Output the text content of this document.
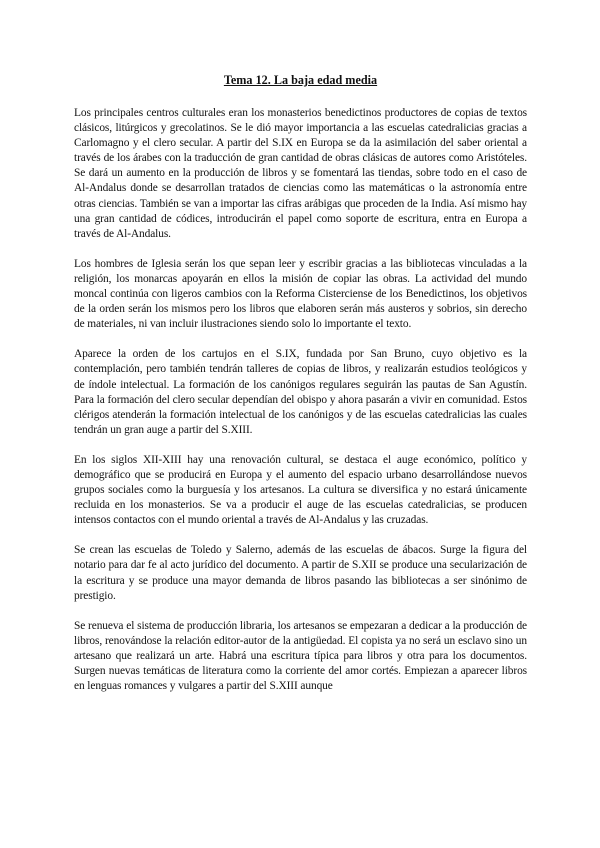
Tema 12. La baja edad media

Los principales centros culturales eran los monasterios benedictinos productores de copias de textos clásicos, litúrgicos y grecolatinos. Se le dió mayor importancia a las escuelas catedralicias gracias a Carlomagno y el clero secular. A partir del S.IX en Europa se da la asimilación del saber oriental a través de los árabes con la traducción de gran cantidad de obras clásicas de autores como Aristóteles. Se dará un aumento en la producción de libros y se fomentará las tiendas, sobre todo en el caso de Al-Andalus donde se desarrollan tratados de ciencias como las matemáticas o la astronomía entre otras ciencias. También se van a importar las cifras arábigas que proceden de la India. Así mismo hay una gran cantidad de códices, introducirán el papel como soporte de escritura, entra en Europa a través de Al-Andalus.

Los hombres de Iglesia serán los que sepan leer y escribir gracias a las bibliotecas vinculadas a la religión, los monarcas apoyarán en ellos la misión de copiar las obras. La actividad del mundo moncal continúa con ligeros cambios con la Reforma Cisterciense de los Benedictinos, los objetivos de la orden serán los mismos pero los libros que elaboren serán más austeros y sobrios, sin derecho de materiales, ni van incluir ilustraciones siendo solo lo importante el texto.

Aparece la orden de los cartujos en el S.IX, fundada por San Bruno, cuyo objetivo es la contemplación, pero también tendrán talleres de copias de libros, y realizarán estudios teológicos y de índole intelectual. La formación de los canónigos regulares seguirán las pautas de San Agustín. Para la formación del clero secular dependían del obispo y ahora pasarán a vivir en comunidad. Estos clérigos atenderán la formación intelectual de los canónigos y de las escuelas catedralicias las cuales tendrán un gran auge a partir del S.XIII.

En los siglos XII-XIII hay una renovación cultural, se destaca el auge económico, político y demográfico que se producirá en Europa y el aumento del espacio urbano desarrollándose nuevos grupos sociales como la burguesía y los artesanos. La cultura se diversifica y no estará únicamente recluida en los monasterios. Se va a producir el auge de las escuelas catedralicias, se producen intensos contactos con el mundo oriental a través de Al-Andalus y las cruzadas.

Se crean las escuelas de Toledo y Salerno, además de las escuelas de ábacos. Surge la figura del notario para dar fe al acto jurídico del documento. A partir de S.XII se produce una secularización de la escritura y se produce una mayor demanda de libros pasando las bibliotecas a ser sinónimo de prestigio.

Se renueva el sistema de producción libraria, los artesanos se empezaran a dedicar a la producción de libros, renovándose la relación editor-autor de la antigüedad. El copista ya no será un esclavo sino un artesano que realizará un arte. Habrá una escritura típica para libros y otra para los documentos. Surgen nuevas temáticas de literatura como la corriente del amor cortés. Empiezan a aparecer libros en lenguas romances y vulgares a partir del S.XIII aunque
